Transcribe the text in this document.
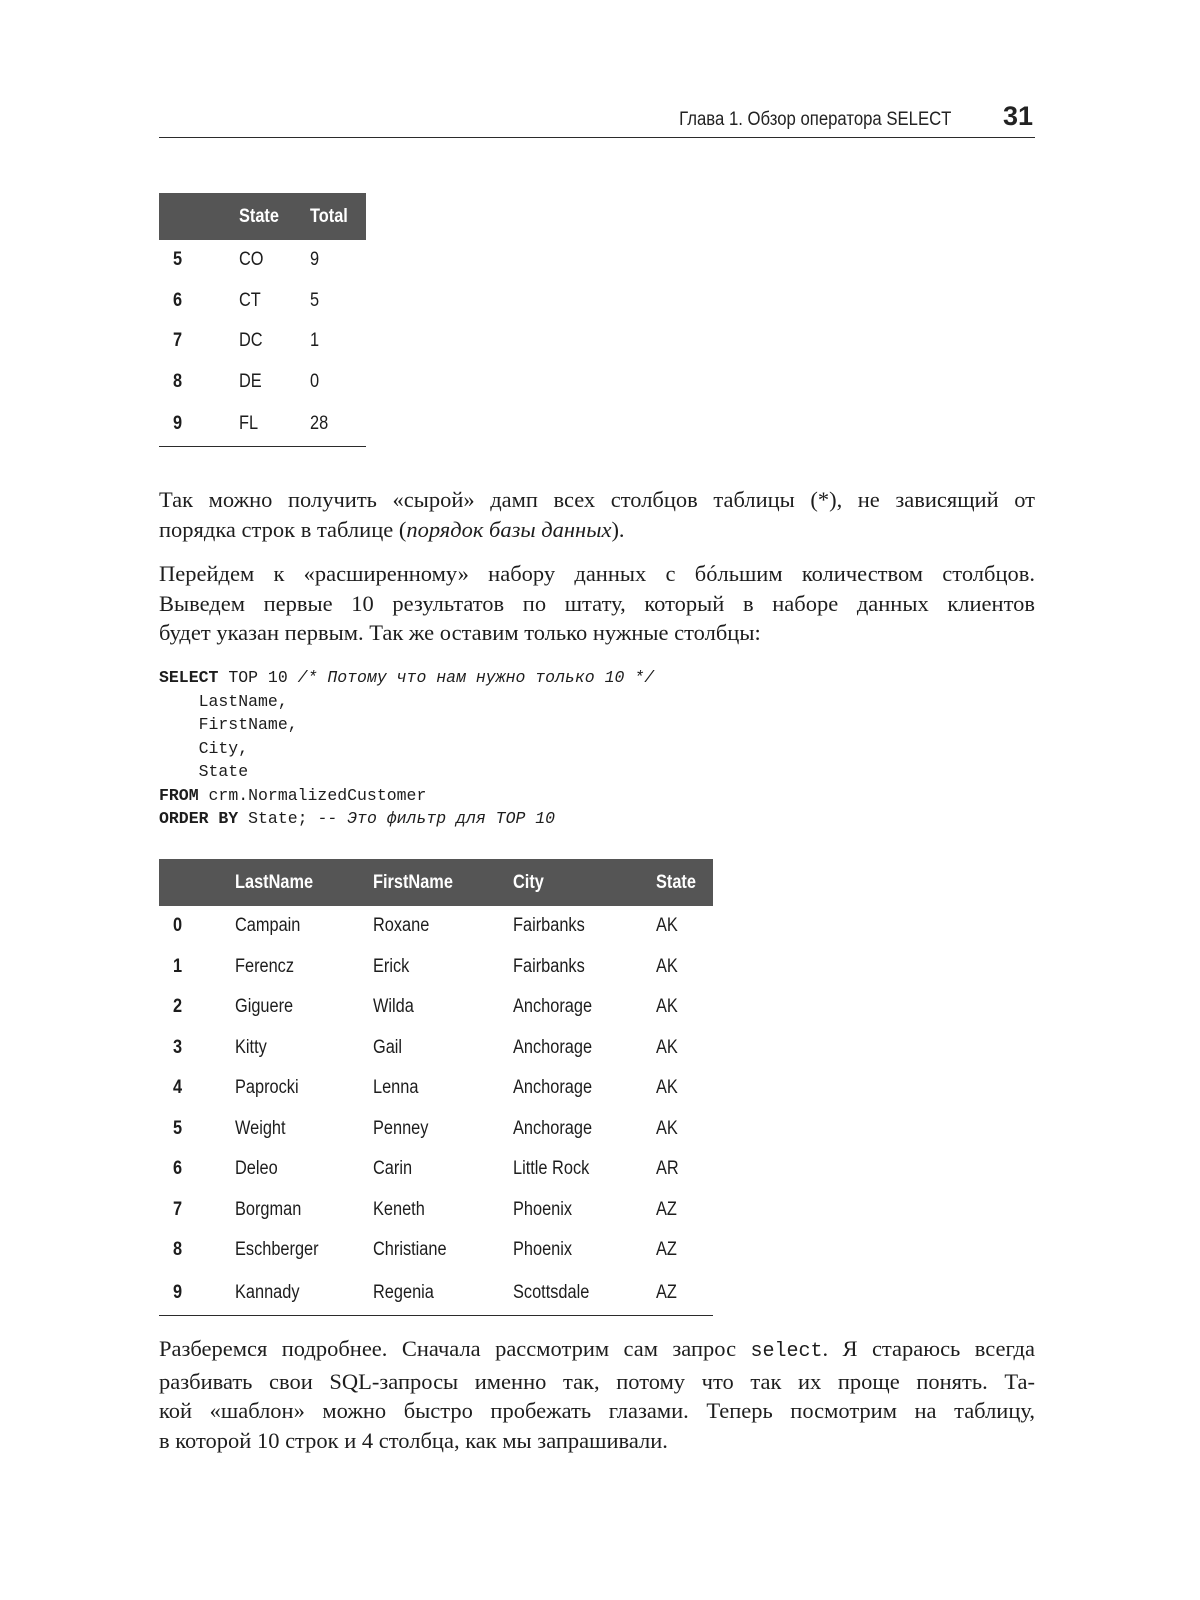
Глава 1. Обзор оператора SELECT 31
	State	Total
5	CO	9
6	CT	5
7	DC	1
8	DE	0
9	FL	28
Так можно получить «сырой» дамп всех столбцов таблицы (*), не зависящий от
порядка строк в таблице (порядок базы данных).
Перейдем к «расширенному» набору данных с бóльшим количеством столбцов.
Выведем первые 10 результатов по штату, который в наборе данных клиентов
будет указан первым. Так же оставим только нужные столбцы:
SELECT TOP 10 /* Потому что нам нужно только 10 */
LastName,
FirstName,
City,
State
FROM crm.NormalizedCustomer
ORDER BY State; -- Это фильтр для TOP 10
	LastName	FirstName	City	State
0	Campain	Roxane	Fairbanks	AK
1	Ferencz	Erick	Fairbanks	AK
2	Giguere	Wilda	Anchorage	AK
3	Kitty	Gail	Anchorage	AK
4	Paprocki	Lenna	Anchorage	AK
5	Weight	Penney	Anchorage	AK
6	Deleo	Carin	Little Rock	AR
7	Borgman	Keneth	Phoenix	AZ
8	Eschberger	Christiane	Phoenix	AZ
9	Kannady	Regenia	Scottsdale	AZ
Разберемся подробнее. Сначала рассмотрим сам запрос select. Я стараюсь всегда
разбивать свои SQL-запросы именно так, потому что так их проще понять. Та-
кой «шаблон» можно быстро пробежать глазами. Теперь посмотрим на таблицу,
в которой 10 строк и 4 столбца, как мы запрашивали.
